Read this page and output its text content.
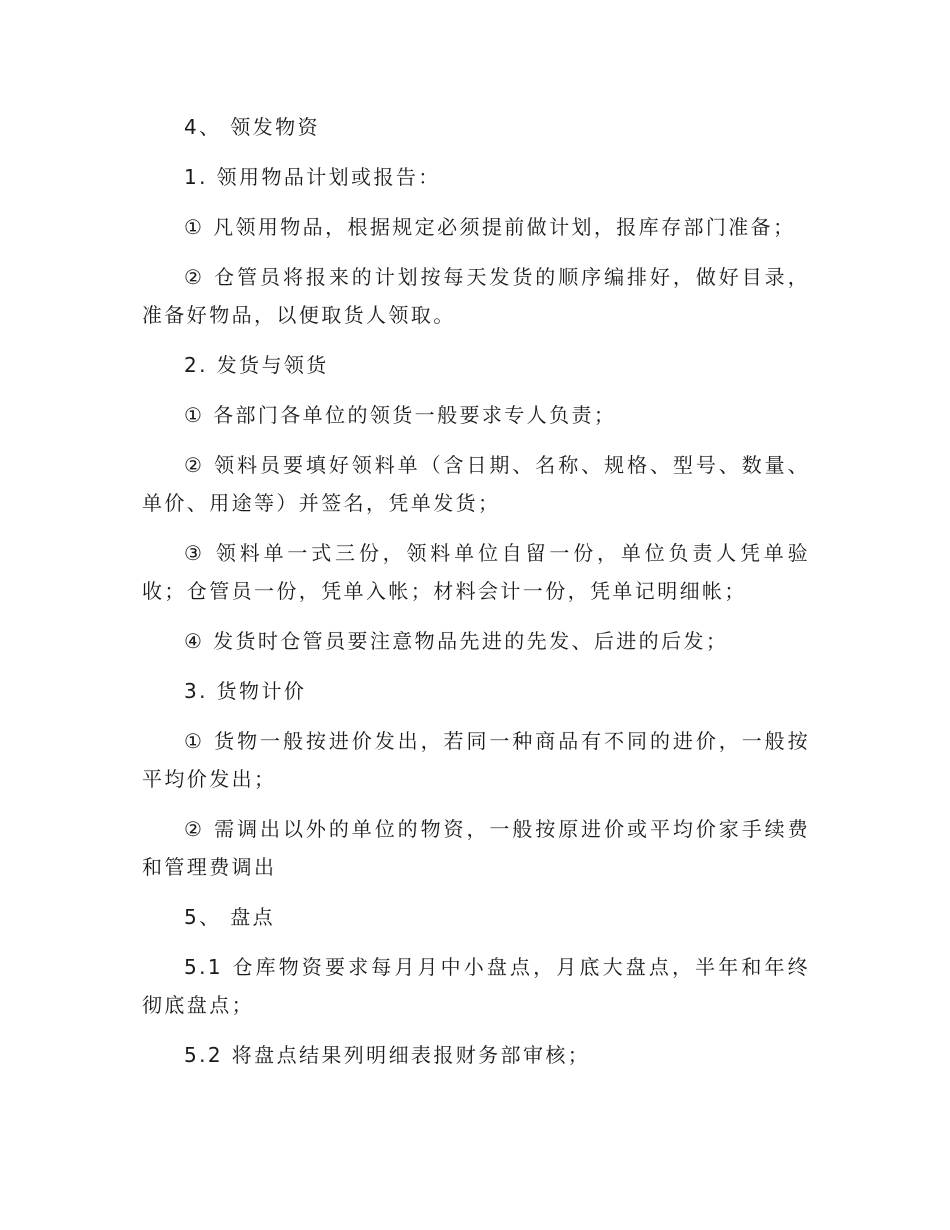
4、 领发物资

1. 领用物品计划或报告：

① 凡领用物品，根据规定必须提前做计划，报库存部门准备；

② 仓管员将报来的计划按每天发货的顺序编排好，做好目录，准备好物品，以便取货人领取。

2. 发货与领货

① 各部门各单位的领货一般要求专人负责；

② 领料员要填好领料单（含日期、名称、规格、型号、数量、单价、用途等）并签名，凭单发货；

③ 领料单一式三份，领料单位自留一份，单位负责人凭单验收；仓管员一份，凭单入帐；材料会计一份，凭单记明细帐；

④ 发货时仓管员要注意物品先进的先发、后进的后发；

3. 货物计价

① 货物一般按进价发出，若同一种商品有不同的进价，一般按平均价发出；

② 需调出以外的单位的物资，一般按原进价或平均价家手续费和管理费调出

5、 盘点

5.1 仓库物资要求每月月中小盘点，月底大盘点，半年和年终彻底盘点；

5.2 将盘点结果列明细表报财务部审核；
